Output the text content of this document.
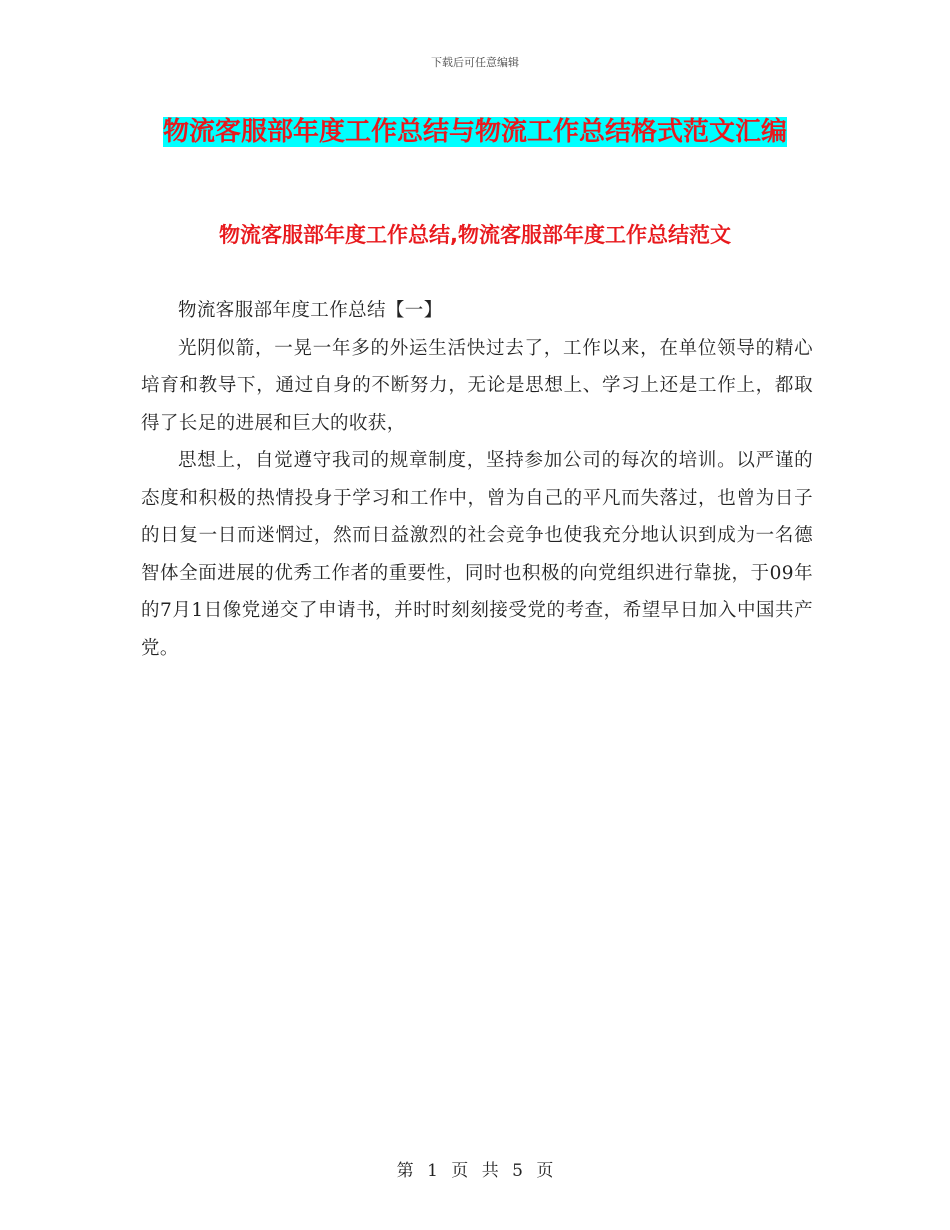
下载后可任意编辑
物流客服部年度工作总结与物流工作总结格式范文汇编
物流客服部年度工作总结,物流客服部年度工作总结范文

物流客服部年度工作总结【一】

光阴似箭，一晃一年多的外运生活快过去了，工作以来，在单位领导的精心培育和教导下，通过自身的不断努力，无论是思想上、学习上还是工作上，都取得了长足的进展和巨大的收获，

思想上，自觉遵守我司的规章制度，坚持参加公司的每次的培训。以严谨的态度和积极的热情投身于学习和工作中，曾为自己的平凡而失落过，也曾为日子的日复一日而迷惘过，然而日益激烈的社会竞争也使我充分地认识到成为一名德智体全面进展的优秀工作者的重要性，同时也积极的向党组织进行靠拢，于09年的7月1日像党递交了申请书，并时时刻刻接受党的考查，希望早日加入中国共产党。

第 1 页 共 5 页
